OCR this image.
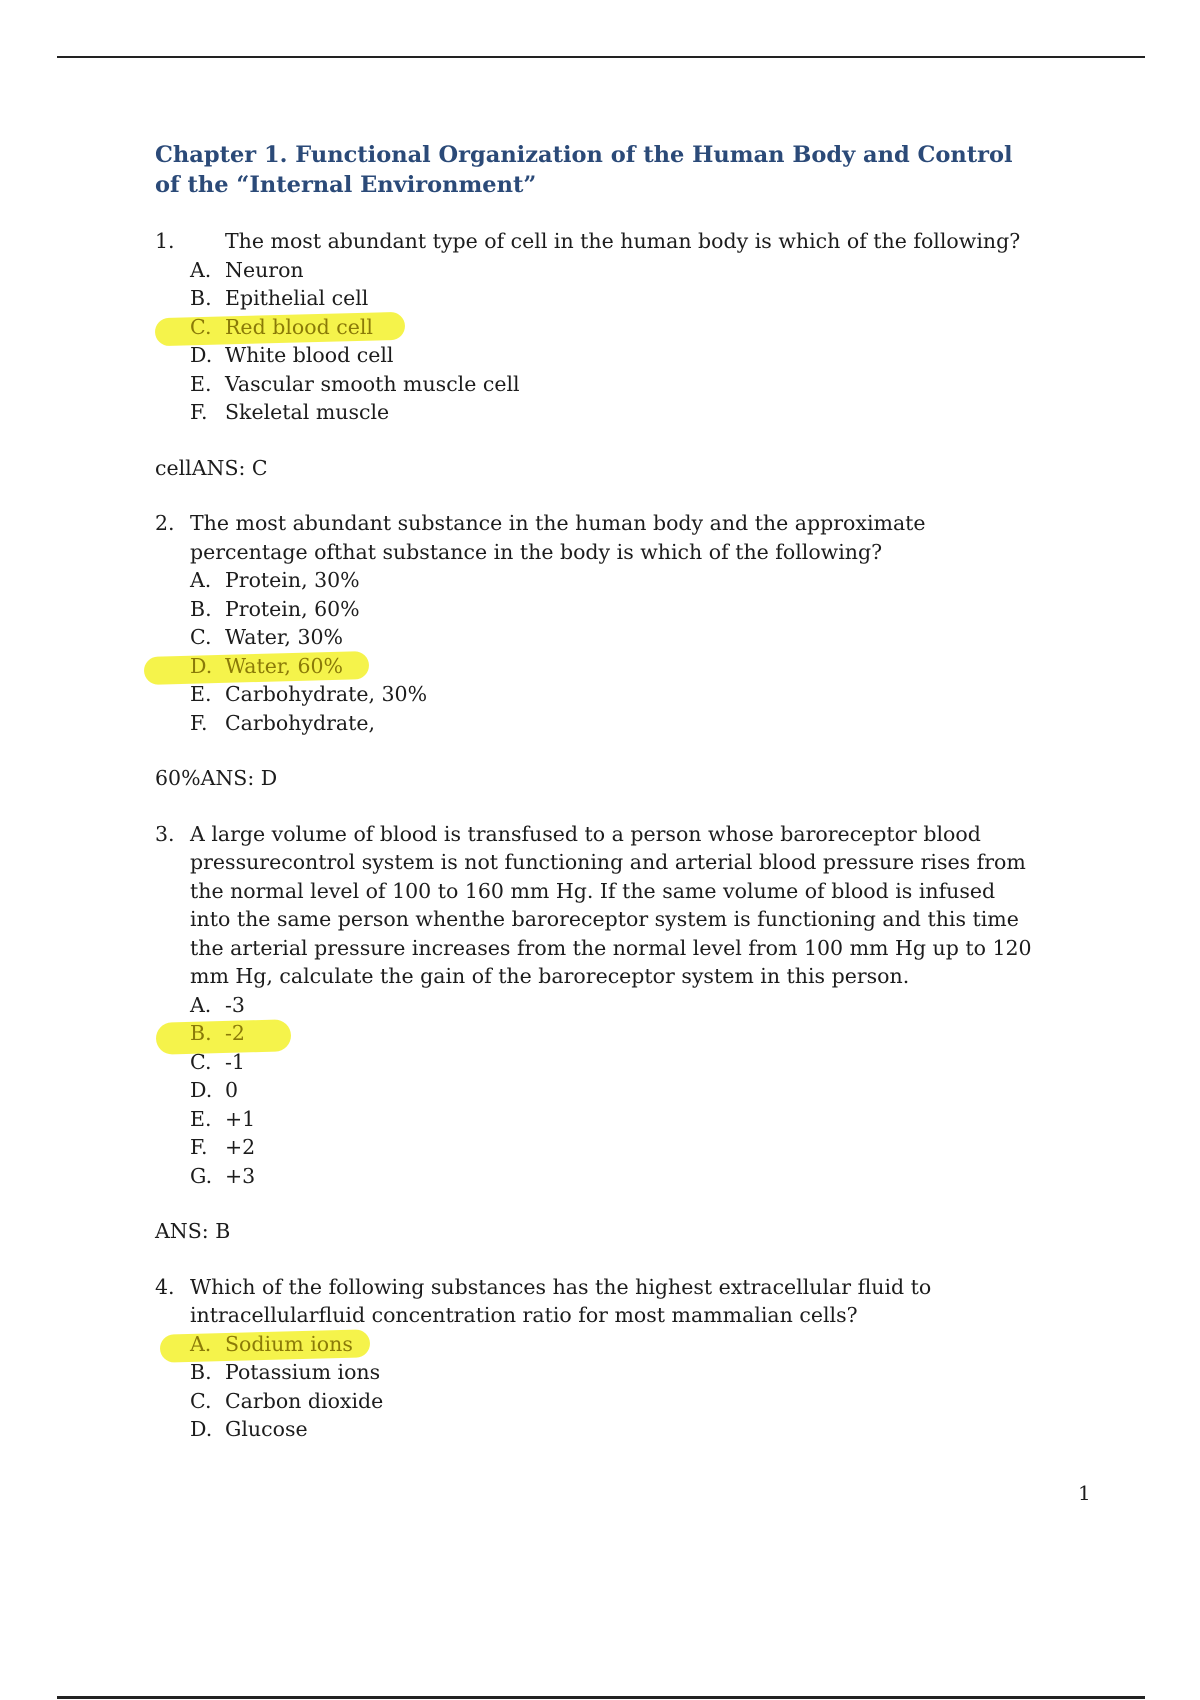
Chapter 1. Functional Organization of the Human Body and Control of the “Internal Environment”
1. The most abundant type of cell in the human body is which of the following?
A. Neuron
B. Epithelial cell
C. Red blood cell
D. White blood cell
E. Vascular smooth muscle cell
F. Skeletal muscle
cellANS: C
2. The most abundant substance in the human body and the approximate percentage ofthat substance in the body is which of the following?
A. Protein, 30%
B. Protein, 60%
C. Water, 30%
D. Water, 60%
E. Carbohydrate, 30%
F. Carbohydrate,
60%ANS: D
3. A large volume of blood is transfused to a person whose baroreceptor blood pressurecontrol system is not functioning and arterial blood pressure rises from the normal level of 100 to 160 mm Hg. If the same volume of blood is infused into the same person whenthe baroreceptor system is functioning and this time the arterial pressure increases from the normal level from 100 mm Hg up to 120 mm Hg, calculate the gain of the baroreceptor system in this person.
A. -3
B. -2
C. -1
D. 0
E. +1
F. +2
G. +3
ANS: B
4. Which of the following substances has the highest extracellular fluid to intracellularfluid concentration ratio for most mammalian cells?
A. Sodium ions
B. Potassium ions
C. Carbon dioxide
D. Glucose
1
